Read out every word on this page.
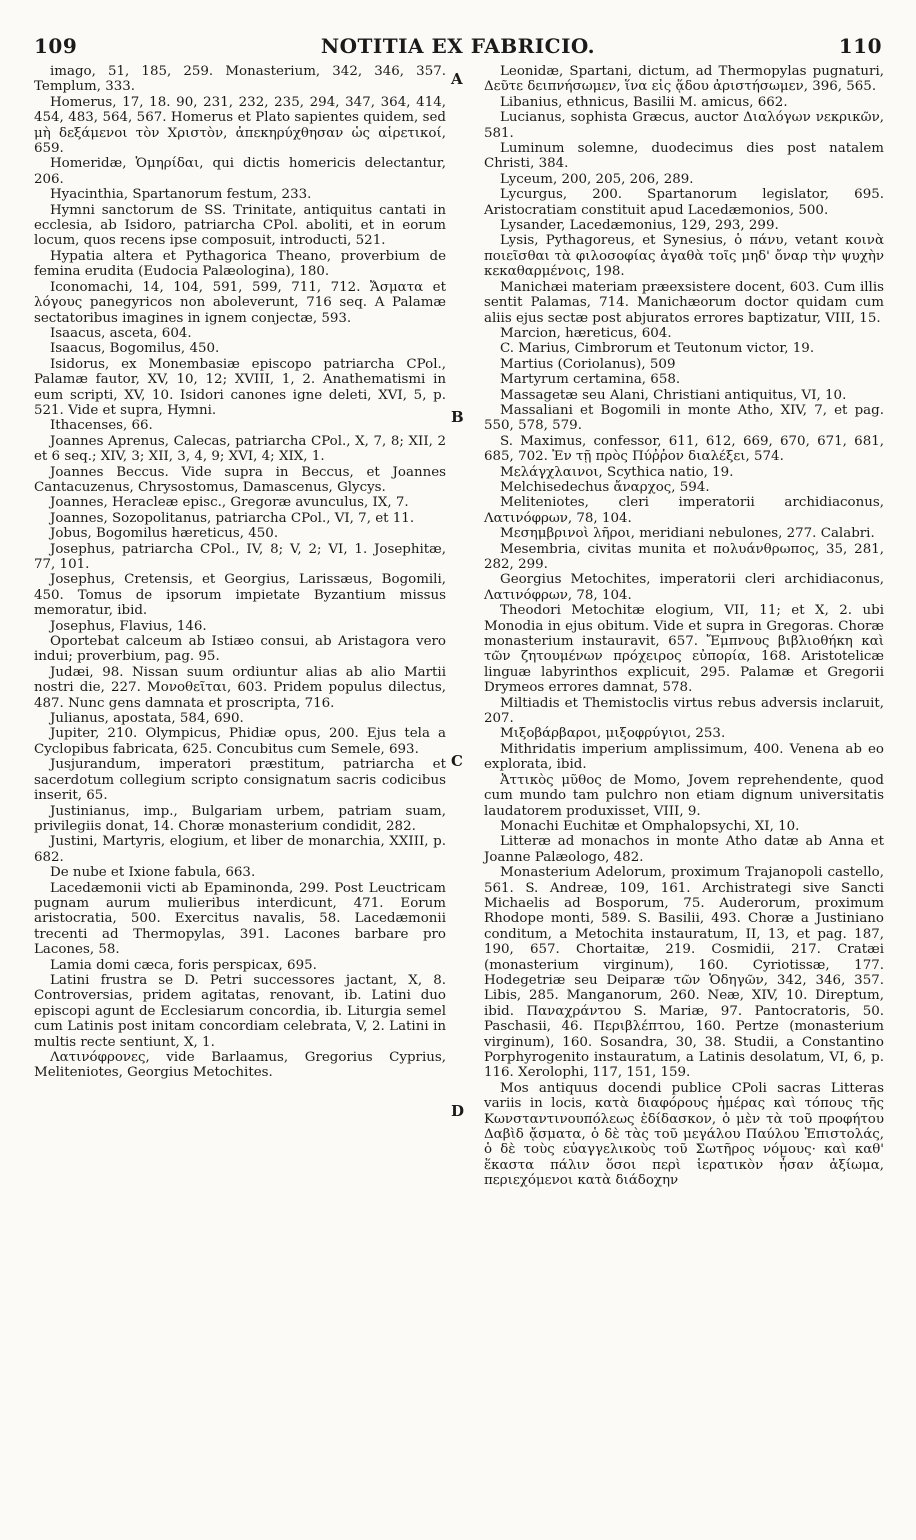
109	NOTITIA EX FABRICIO.	110

imago, 51, 185, 259. Monasterium, 342, 346, 357. Templum, 333.

Homerus, 17, 18. 90, 231, 232, 235, 294, 347, 364, 414, 454, 483, 564, 567. Homerus et Plato sapientes quidem, sed μὴ δεξάμενοι τὸν Χριστὸν, ἀπεκηρύχθησαν ὡς αἱρετικοί, 659.

Homeridæ, Ὁμηρίδαι, qui dictis homericis delectantur, 206.

Hyacinthia, Spartanorum festum, 233.

Hymni sanctorum de SS. Trinitate, antiquitus cantati in ecclesia, ab Isidoro, patriarcha CPol. aboliti, et in eorum locum, quos recens ipse composuit, introducti, 521.

Hypatia altera et Pythagorica Theano, proverbium de femina erudita (Eudocia Palæologina), 180.

Iconomachi, 14, 104, 591, 599, 711, 712. Ἄσματα et λόγους panegyricos non aboleverunt, 716 seq. A Palamæ sectatoribus imagines in ignem conjectæ, 593.

Isaacus, asceta, 604.

Isaacus, Bogomilus, 450.

Isidorus, ex Monembasiæ episcopo patriarcha CPol., Palamæ fautor, XV, 10, 12; XVIII, 1, 2. Anathematismi in eum scripti, XV, 10. Isidori canones igne deleti, XVI, 5, p. 521. Vide et supra, Hymni.

Ithacenses, 66.

Joannes Aprenus, Calecas, patriarcha CPol., X, 7, 8; XII, 2 et 6 seq.; XIV, 3; XII, 3, 4, 9; XVI, 4; XIX, 1.

Joannes Beccus. Vide supra in Beccus, et Joannes Cantacuzenus, Chrysostomus, Damascenus, Glycys.

Joannes, Heracleæ episc., Gregoræ avunculus, IX, 7.

Joannes, Sozopolitanus, patriarcha CPol., VI, 7, et 11.

Jobus, Bogomilus hæreticus, 450.

Josephus, patriarcha CPol., IV, 8; V, 2; VI, 1. Josephitæ, 77, 101.

Josephus, Cretensis, et Georgius, Larissæus, Bogomili, 450. Tomus de ipsorum impietate Byzantium missus memoratur, ibid.

Josephus, Flavius, 146.

Oportebat calceum ab Istiæo consui, ab Aristagora vero indui; proverbium, pag. 95.

Judæi, 98. Nissan suum ordiuntur alias ab alio Martii nostri die, 227. Μονοθεῖται, 603. Pridem populus dilectus, 487. Nunc gens damnata et proscripta, 716.

Julianus, apostata, 584, 690.

Jupiter, 210. Olympicus, Phidiæ opus, 200. Ejus tela a Cyclopibus fabricata, 625. Concubitus cum Semele, 693.

Jusjurandum, imperatori præstitum, patriarcha et sacerdotum collegium scripto consignatum sacris codicibus inserit, 65.

Justinianus, imp., Bulgariam urbem, patriam suam, privilegiis donat, 14. Choræ monasterium condidit, 282.

Justini, Martyris, elogium, et liber de monarchia, XXIII, p. 682.

De nube et Ixione fabula, 663.

Lacedæmonii victi ab Epaminonda, 299. Post Leuctricam pugnam aurum mulieribus interdicunt, 471. Eorum aristocratia, 500. Exercitus navalis, 58. Lacedæmonii trecenti ad Thermopylas, 391. Lacones barbare pro Lacones, 58.

Lamia domi cæca, foris perspicax, 695.

Latini frustra se D. Petri successores jactant, X, 8. Controversias, pridem agitatas, renovant, ib. Latini duo episcopi agunt de Ecclesiarum concordia, ib. Liturgia semel cum Latinis post initam concordiam celebrata, V, 2. Latini in multis recte sentiunt, X, 1.

Λατινόφρονες, vide Barlaamus, Gregorius Cyprius, Meliteniotes, Georgius Metochites.

Leonidæ, Spartani, dictum, ad Thermopylas pugnaturi, Δεῦτε δειπνήσωμεν, ἵνα εἰς ᾅδου ἀριστήσωμεν, 396, 565.

Libanius, ethnicus, Basilii M. amicus, 662.

Lucianus, sophista Græcus, auctor Διαλόγων νεκρικῶν, 581.

Luminum solemne, duodecimus dies post natalem Christi, 384.

Lyceum, 200, 205, 206, 289.

Lycurgus, 200. Spartanorum legislator, 695. Aristocratiam constituit apud Lacedæmonios, 500.

Lysander, Lacedæmonius, 129, 293, 299.

Lysis, Pythagoreus, et Synesius, ὁ πάνυ, vetant κοινὰ ποιεῖσθαι τὰ φιλοσοφίας ἀγαθὰ τοῖς μηδ' ὄναρ τὴν ψυχὴν κεκαθαρμένοις, 198.

Manichæi materiam præexsistere docent, 603. Cum illis sentit Palamas, 714. Manichæorum doctor quidam cum aliis ejus sectæ post abjuratos errores baptizatur, VIII, 15.

Marcion, hæreticus, 604.

C. Marius, Cimbrorum et Teutonum victor, 19.

Martius (Coriolanus), 509

Martyrum certamina, 658.

Massagetæ seu Alani, Christiani antiquitus, VI, 10.

Massaliani et Bogomili in monte Atho, XIV, 7, et pag. 550, 578, 579.

S. Maximus, confessor, 611, 612, 669, 670, 671, 681, 685, 702. Ἐν τῇ πρὸς Πύῤῥον διαλέξει, 574.

Μελάγχλαινοι, Scythica natio, 19.

Melchisedechus ἄναρχος, 594.

Meliteniotes, cleri imperatorii archidiaconus, Λατινόφρων, 78, 104.

Μεσημβρινοὶ λῆροι, meridiani nebulones, 277. Calabri.

Mesembria, civitas munita et πολυάνθρωπος, 35, 281, 282, 299.

Georgius Metochites, imperatorii cleri archidiaconus, Λατινόφρων, 78, 104.

Theodori Metochitæ elogium, VII, 11; et X, 2. ubi Monodia in ejus obitum. Vide et supra in Gregoras. Choræ monasterium instauravit, 657. Ἔμπνους βιβλιοθήκη καὶ τῶν ζητουμένων πρόχειρος εὐπορία, 168. Aristotelicæ linguæ labyrinthos explicuit, 295. Palamæ et Gregorii Drymeos errores damnat, 578.

Miltiadis et Themistoclis virtus rebus adversis inclaruit, 207.

Μιξοβάρβαροι, μιξοφρύγιοι, 253.

Mithridatis imperium amplissimum, 400. Venena ab eo explorata, ibid.

Ἀττικὸς μῦθος de Momo, Jovem reprehendente, quod cum mundo tam pulchro non etiam dignum universitatis laudatorem produxisset, VIII, 9.

Monachi Euchitæ et Omphalopsychi, XI, 10.

Litteræ ad monachos in monte Atho datæ ab Anna et Joanne Palæologo, 482.

Monasterium Adelorum, proximum Trajanopoli castello, 561. S. Andreæ, 109, 161. Archistrategi sive Sancti Michaelis ad Bosporum, 75. Auderorum, proximum Rhodope monti, 589. S. Basilii, 493. Choræ a Justiniano conditum, a Metochita instauratum, II, 13, et pag. 187, 190, 657. Chortaitæ, 219. Cosmidii, 217. Cratæi (monasterium virginum), 160. Cyriotissæ, 177. Hodegetriæ seu Deiparæ τῶν Ὁδηγῶν, 342, 346, 357. Libis, 285. Manganorum, 260. Neæ, XIV, 10. Direptum, ibid. Παναχράντου S. Mariæ, 97. Pantocratoris, 50. Paschasii, 46. Περιβλέπτου, 160. Pertze (monasterium virginum), 160. Sosandra, 30, 38. Studii, a Constantino Porphyrogenito instauratum, a Latinis desolatum, VI, 6, p. 116. Xerolophi, 117, 151, 159.

Mos antiquus docendi publice CPoli sacras Litteras variis in locis, κατὰ διαφόρους ἡμέρας καὶ τόπους τῆς Κωνσταντινουπόλεως ἐδίδασκον, ὁ μὲν τὰ τοῦ προφήτου Δαβὶδ ᾄσματα, ὁ δὲ τὰς τοῦ μεγάλου Παύλου Ἐπιστολάς, ὁ δὲ τοὺς εὐαγγελικοὺς τοῦ Σωτῆρος νόμους· καὶ καθ' ἕκαστα πάλιν ὅσοι περὶ ἱερατικὸν ἦσαν ἀξίωμα, περιεχόμενοι κατὰ διάδοχην

A
B
C
D
